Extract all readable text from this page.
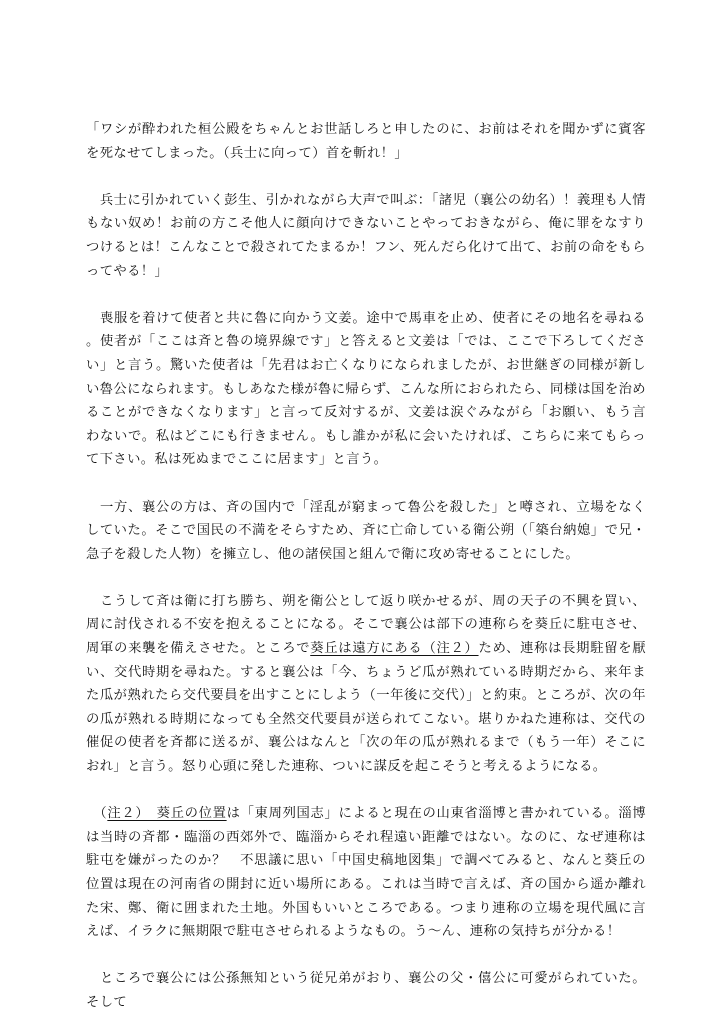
「ワシが酔われた桓公殿をちゃんとお世話しろと申したのに、お前はそれを聞かずに賓客を死なせてしまった。（兵士に向って）首を斬れ！」

　兵士に引かれていく彭生、引かれながら大声で叫ぶ：「諸児（襄公の幼名）！義理も人情もない奴め！お前の方こそ他人に顔向けできないことやっておきながら、俺に罪をなすりつけるとは！こんなことで殺されてたまるか！フン、死んだら化けて出て、お前の命をもらってやる！」

　喪服を着けて使者と共に魯に向かう文姜。途中で馬車を止め、使者にその地名を尋ねる。使者が「ここは斉と魯の境界線です」と答えると文姜は「では、ここで下ろしてください」と言う。驚いた使者は「先君はお亡くなりになられましたが、お世継ぎの同様が新しい魯公になられます。もしあなた様が魯に帰らず、こんな所におられたら、同様は国を治めることができなくなります」と言って反対するが、文姜は涙ぐみながら「お願い、もう言わないで。私はどこにも行きません。もし誰かが私に会いたければ、こちらに来てもらって下さい。私は死ぬまでここに居ます」と言う。

　一方、襄公の方は、斉の国内で「淫乱が窮まって魯公を殺した」と噂され、立場をなくしていた。そこで国民の不満をそらすため、斉に亡命している衛公朔（「築台納媳」で兄・急子を殺した人物）を擁立し、他の諸侯国と組んで衛に攻め寄せることにした。

　こうして斉は衛に打ち勝ち、朔を衛公として返り咲かせるが、周の天子の不興を買い、周に討伐される不安を抱えることになる。そこで襄公は部下の連称らを葵丘に駐屯させ、周軍の来襲を備えさせた。ところで葵丘は遠方にある（注２）ため、連称は長期駐留を厭い、交代時期を尋ねた。すると襄公は「今、ちょうど瓜が熟れている時期だから、来年また瓜が熟れたら交代要員を出すことにしよう（一年後に交代）」と約束。ところが、次の年の瓜が熟れる時期になっても全然交代要員が送られてこない。堪りかねた連称は、交代の催促の使者を斉都に送るが、襄公はなんと「次の年の瓜が熟れるまで（もう一年）そこにおれ」と言う。怒り心頭に発した連称、ついに謀反を起こそうと考えるようになる。

　（注２）　葵丘の位置は「東周列国志」によると現在の山東省淄博と書かれている。淄博は当時の斉都・臨淄の西郊外で、臨淄からそれ程遠い距離ではない。なのに、なぜ連称は駐屯を嫌がったのか？　不思議に思い「中国史稿地図集」で調べてみると、なんと葵丘の位置は現在の河南省の開封に近い場所にある。これは当時で言えば、斉の国から遥か離れた宋、鄭、衛に囲まれた土地。外国もいいところである。つまり連称の立場を現代風に言えば、イラクに無期限で駐屯させられるようなもの。う～ん、連称の気持ちが分かる！

　ところで襄公には公孫無知という従兄弟がおり、襄公の父・僖公に可愛がられていた。そして
